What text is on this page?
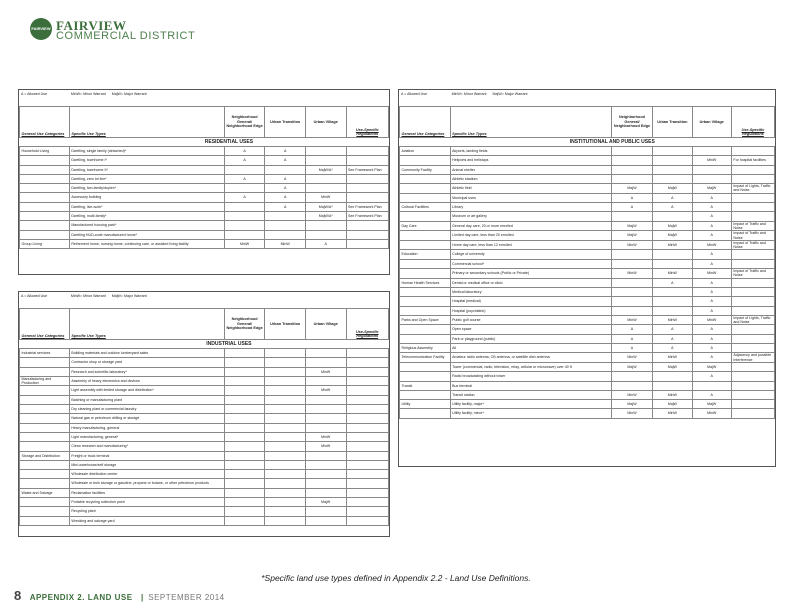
FAIRVIEW FAIRVIEW
COMMERCIAL DISTRICT
A = Allowed Use	MinW= Minor Warrant MajW= Major Warrant				
General Use Categories	Specific Use Types	Neighborhood General/ Neighborhood Edge	Urban Transition	Urban Village	Use-Specific Regulations
	RESIDENTIAL USES				
Household Living	Dwelling, single family (detached)*	A	A		
	Dwelling, townhome I*	A	A		
	Dwelling, townhome II*			MajW/A*	See Framework Plan
	Dwelling, zero lot line*	A	A		
	Dwelling, two-family/duplex*		A		
	Accessory building	A	A	MinW	
	Dwelling, live-work*		A	MajW/A*	See Framework Plan
	Dwelling, multi-family*			MajW/A*	See Framework Plan
	Manufactured housing park*				
	Dwelling HUD-code manufactured home*				
Group Living	Retirement home, nursing home, continuing care, or assisted living facility	MinW	MinW	A	
A = Allowed Use	MinW= Minor Warrant MajW= Major Warrant				
General Use Categories	Specific Use Types	Neighborhood General/ Neighborhood Edge	Urban Transition	Urban Village	Use-Specific Regulations
	INDUSTRIAL USES				
Industrial services	Building materials and outdoor lumberyard sales				
	Contractor shop or storage yard				
	Research and scientific laboratory*			MinW	
Manufacturing and Production	Assembly of heavy electronics and devices				
	Light assembly with limited storage and distribution*			MinW	
	Batching or manufacturing plant				
	Dry cleaning plant or commercial laundry				
	Natural gas or petroleum drilling or storage				
	Heavy manufacturing, general				
	Light manufacturing, general*			MinW	
	Clean research and manufacturing*			MinW	
Storage and Distribution	Freight or truck terminal				
	Mini-warehouse/self storage				
	Wholesale distribution center				
	Wholesale or bulk storage or gasoline, propane or butane, or other petroleum products				
Waste and Salvage	Reclamation facilities				
	Portable recycling collection point			MajW	
	Recycling plant				
	Wrecking and salvage yard				
A = Allowed Use	MinW= Minor Warrant MajW= Major Warrant				
General Use Categories	Specific Use Types	Neighborhood General/ Neighborhood Edge	Urban Transition	Urban Village	Use-Specific Regulations
	INSTITUTIONAL AND PUBLIC USES				
Aviation	Airports, landing fields				
	Heliports and helistops			MinW	For hospital facilities
Community Facility	Animal shelter				
	Athletic stadium				
	Athletic field	MajW	MajW	MajW	Impact of Lights, Traffic and Noise
	Municipal uses	A	A	A	
Cultural Facilities	Library	A	A	A	
	Museum or art gallery			A	
Day Care	General day care, 20 or more enrolled	MajW	MajW	A	Impact of Traffic and Noise
	Limited day care, less than 20 enrolled	MajW	MajW	A	Impact of Traffic and Noise
	Home day care, less than 12 enrolled	MinW	MinW	MinW	Impact of Traffic and Noise
Education	College of university			A	
	Commercial school*			A	
	Primary or secondary schools (Public or Private)	MinW	MinW	MinW	Impact of Traffic and Noise
Human Health Services	Dental or medical office or clinic		A	A	
	Medical laboratory			A	
	Hospital (medical)			A	
	Hospital (psychiatric)			A	
Parks and Open Space	Public golf course	MinW	MinW	MinW	Impact of Lights, Traffic and Noise
	Open space	A	A	A	
	Park or playground (public)	A	A	A	
Religious Assembly	All	A	A	A	
Telecommunication Facility	Amateur radio antenna, CB antenna, or satellite dish antenna	MinW	MinW	A	Adjacency and possible Interference
	Tower (commercial, radio, television, relay, cellular or microwave) over 40 ft	MajW	MajW	MajW	
	Radio broadcasting without tower			A	
Transit	Bus terminal				
	Transit station	MinW	MinW	A	
Utility	Utility facility, major*	MajW	MajW	MajW	
	Utility facility, minor*	MinW	MinW	MinW	
*Specific land use types defined in Appendix 2.2 - Land Use Definitions.
8 APPENDIX 2. LAND USE | SEPTEMBER 2014
